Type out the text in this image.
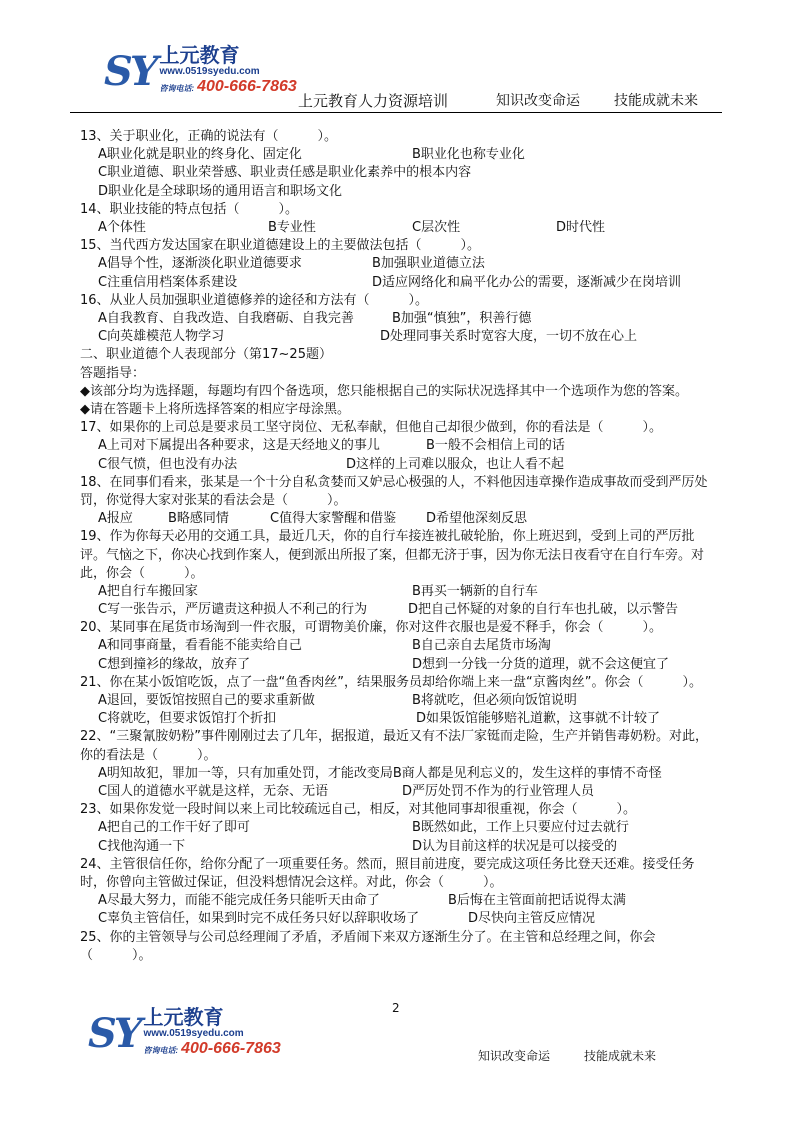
SY 上元教育
www.0519syedu.com
咨询电话: 400-666-7863
上元教育人力资源培训	知识改变命运 技能成就未来
13、关于职业化，正确的说法有（　　　）。
A职业化就是职业的终身化、固定化	B职业化也称专业化
C职业道德、职业荣誉感、职业责任感是职业化素养中的根本内容
D职业化是全球职场的通用语言和职场文化
14、职业技能的特点包括（　　　）。
A个体性	B专业性	C层次性	D时代性
15、当代西方发达国家在职业道德建设上的主要做法包括（　　　）。
A倡导个性，逐渐淡化职业道德要求	B加强职业道德立法
C注重信用档案体系建设	D适应网络化和扁平化办公的需要，逐渐减少在岗培训
16、从业人员加强职业道德修养的途径和方法有（　　　）。
A自我教育、自我改造、自我磨砺、自我完善	B加强“慎独”，积善行德
C向英雄模范人物学习	D处理同事关系时宽容大度，一切不放在心上
二、职业道德个人表现部分（第17~25题）
答题指导：
◆该部分均为选择题，每题均有四个备选项，您只能根据自己的实际状况选择其中一个选项作为您的答案。
◆请在答题卡上将所选择答案的相应字母涂黑。
17、如果你的上司总是要求员工坚守岗位、无私奉献，但他自己却很少做到，你的看法是（　　　）。
A上司对下属提出各种要求，这是天经地义的事儿	B一般不会相信上司的话
C很气愤，但也没有办法	D这样的上司难以服众，也让人看不起
18、在同事们看来，张某是一个十分自私贪婪而又妒忌心极强的人，不料他因违章操作造成事故而受到严厉处罚，你觉得大家对张某的看法会是（　　　）。
A报应	B略感同情	C值得大家警醒和借鉴 D希望他深刻反思
19、作为你每天必用的交通工具，最近几天，你的自行车接连被扎破轮胎，你上班迟到，受到上司的严厉批评。气恼之下，你决心找到作案人，便到派出所报了案，但都无济于事，因为你无法日夜看守在自行车旁。对此，你会（　　　）。
A把自行车搬回家	B再买一辆新的自行车
C写一张告示，严厉谴责这种损人不利己的行为	D把自己怀疑的对象的自行车也扎破，以示警告
20、某同事在尾货市场淘到一件衣服，可谓物美价廉，你对这件衣服也是爱不释手，你会（　　　）。
A和同事商量，看看能不能卖给自己	B自己亲自去尾货市场淘
C想到撞衫的缘故，放弃了	D想到一分钱一分货的道理，就不会这便宜了
21、你在某小饭馆吃饭，点了一盘“鱼香肉丝”，结果服务员却给你端上来一盘“京酱肉丝”。你会（　　　）。
A退回，要饭馆按照自己的要求重新做	B将就吃，但必须向饭馆说明
C将就吃，但要求饭馆打个折扣	D如果饭馆能够赔礼道歉，这事就不计较了
22、“三聚氰胺奶粉”事件刚刚过去了几年，据报道，最近又有不法厂家铤而走险，生产并销售毒奶粉。对此，你的看法是（　　　）。
A明知故犯，罪加一等，只有加重处罚，才能改变局B商人都是见利忘义的，发生这样的事情不奇怪
C国人的道德水平就是这样，无奈、无语	D严厉处罚不作为的行业管理人员
23、如果你发觉一段时间以来上司比较疏远自己，相反，对其他同事却很重视，你会（　　　）。
A把自己的工作干好了即可	B既然如此，工作上只要应付过去就行
C找他沟通一下	D认为目前这样的状况是可以接受的
24、主管很信任你，给你分配了一项重要任务。然而，照目前进度，要完成这项任务比登天还难。接受任务时，你曾向主管做过保证，但没料想情况会这样。对此，你会（　　　）。
A尽最大努力，而能不能完成任务只能听天由命了	B后悔在主管面前把话说得太满
C辜负主管信任，如果到时完不成任务只好以辞职收场了	D尽快向主管反应情况
25、你的主管领导与公司总经理闹了矛盾，矛盾闹下来双方逐渐生分了。在主管和总经理之间，你会（　　　）。
2
SY 上元教育
www.0519syedu.com
咨询电话: 400-666-7863	知识改变命运	技能成就未来
